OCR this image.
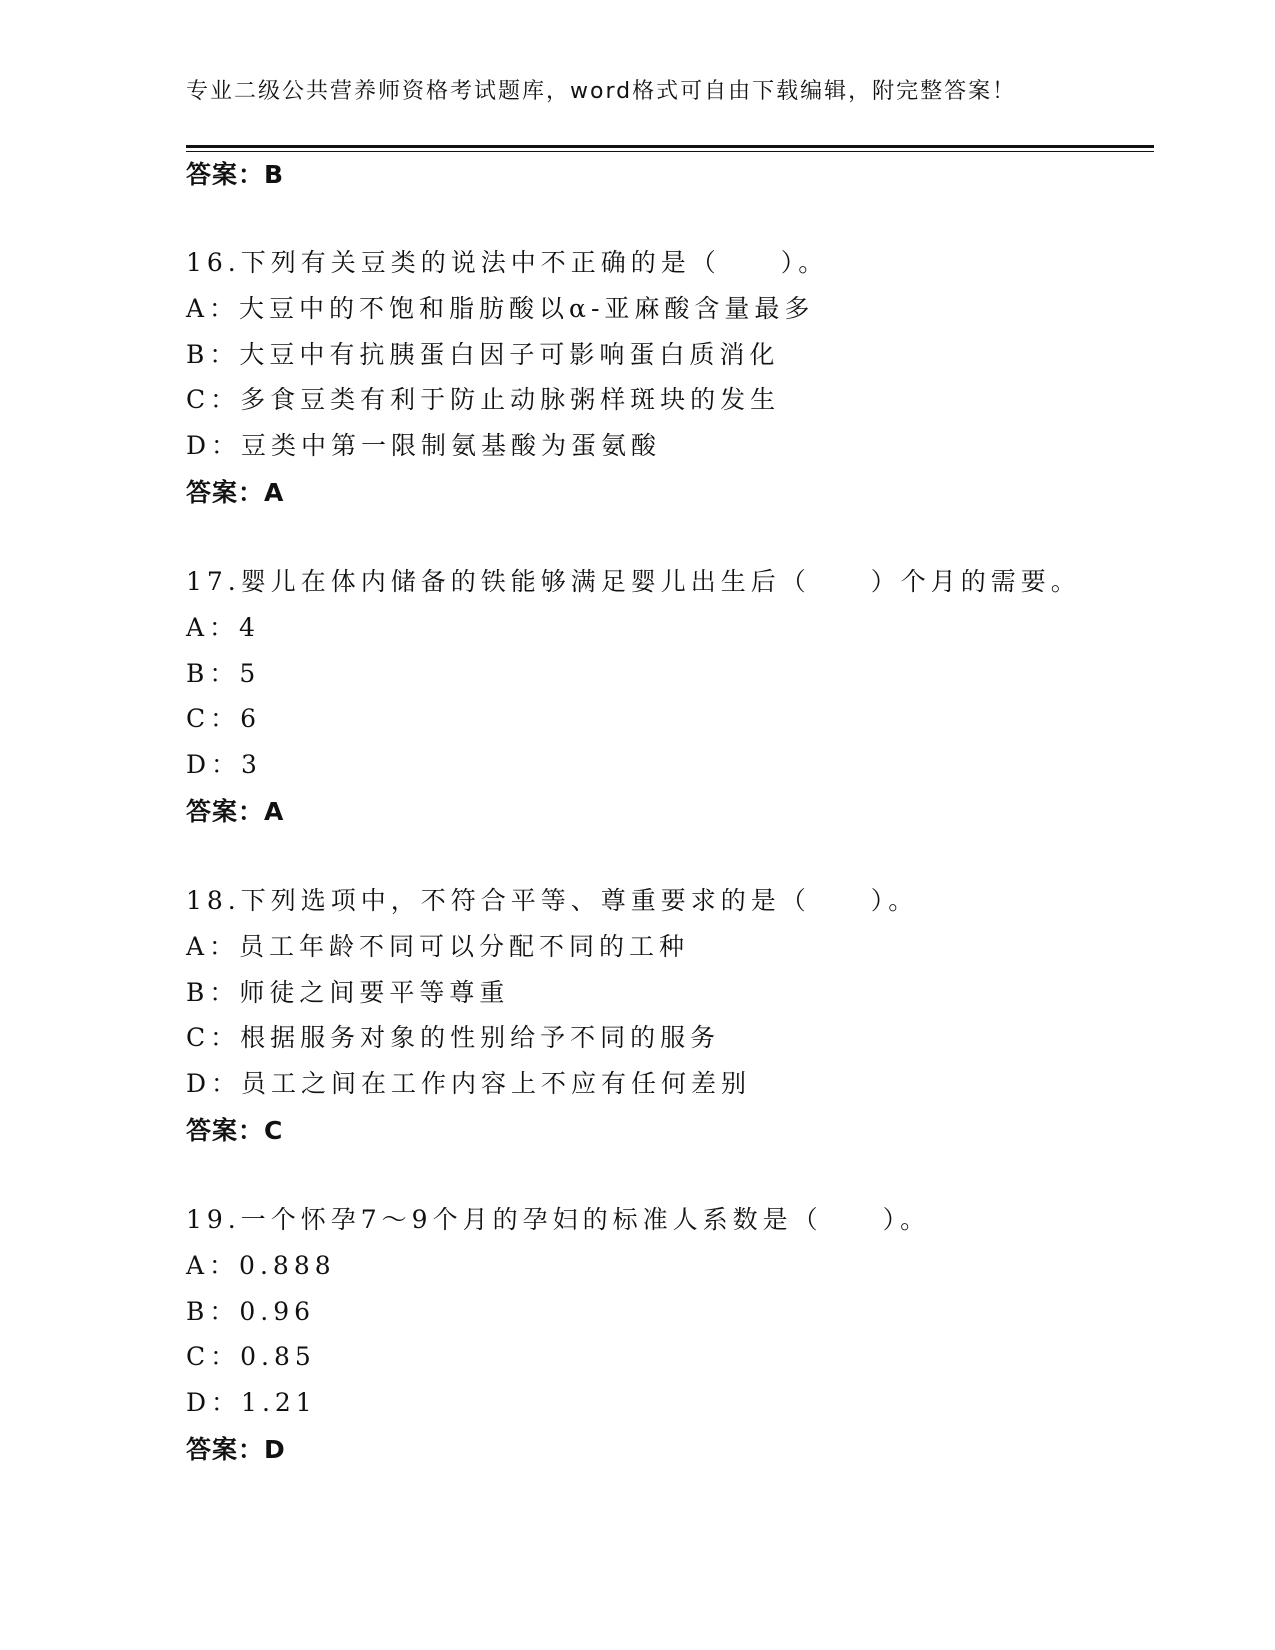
专业二级公共营养师资格考试题库，word格式可自由下载编辑，附完整答案！
答案：B
16.下列有关豆类的说法中不正确的是（　　）。
A：大豆中的不饱和脂肪酸以α-亚麻酸含量最多
B：大豆中有抗胰蛋白因子可影响蛋白质消化
C：多食豆类有利于防止动脉粥样斑块的发生
D：豆类中第一限制氨基酸为蛋氨酸
答案：A
17.婴儿在体内储备的铁能够满足婴儿出生后（　　）个月的需要。
A：4
B：5
C：6
D：3
答案：A
18.下列选项中，不符合平等、尊重要求的是（　　）。
A：员工年龄不同可以分配不同的工种
B：师徒之间要平等尊重
C：根据服务对象的性别给予不同的服务
D：员工之间在工作内容上不应有任何差别
答案：C
19.一个怀孕7～9个月的孕妇的标准人系数是（　　）。
A：0.888
B：0.96
C：0.85
D：1.21
答案：D
